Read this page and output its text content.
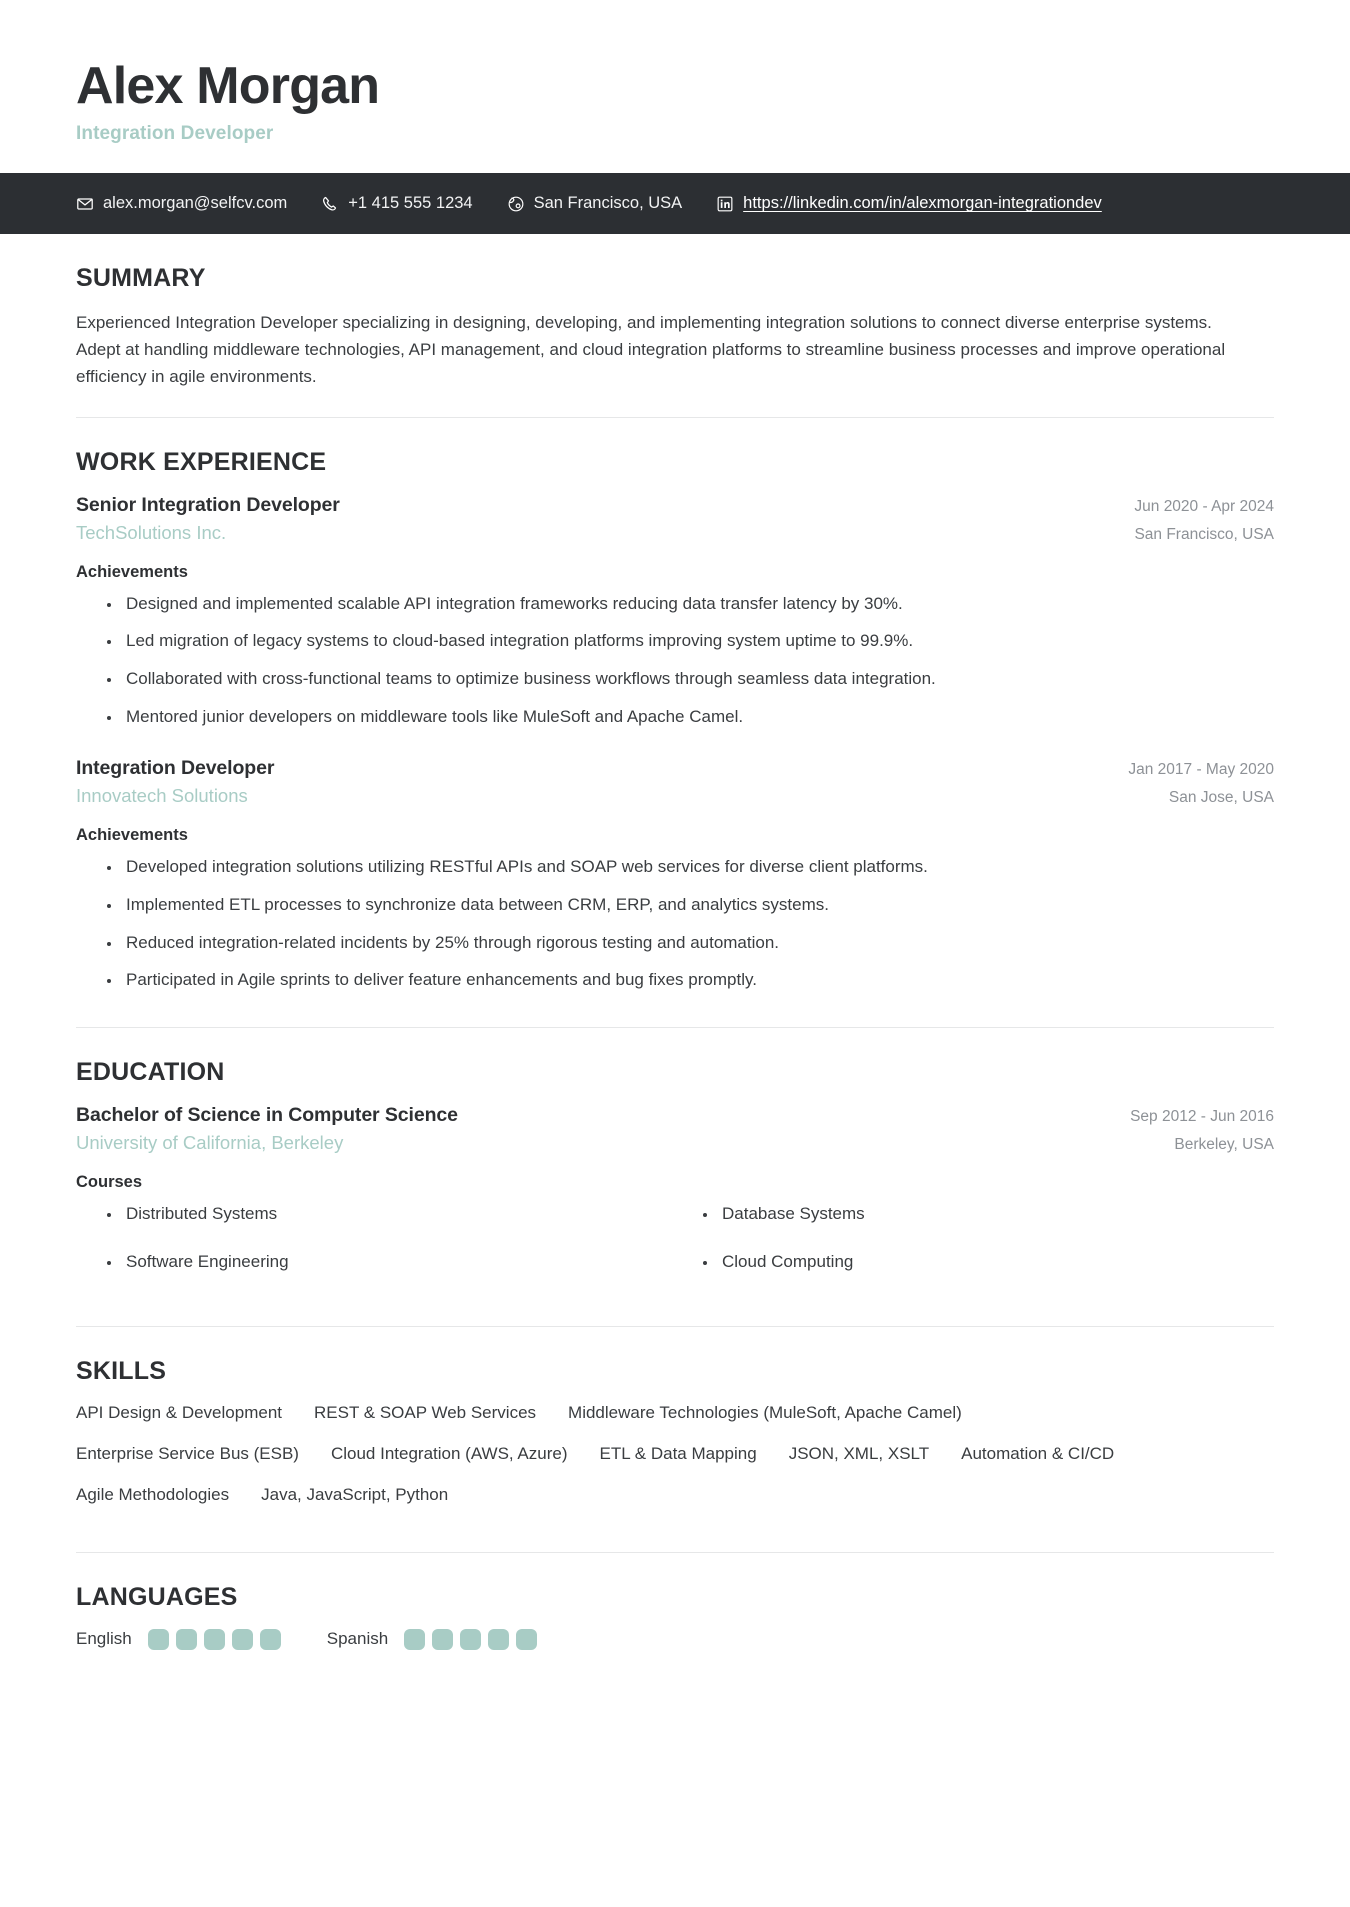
Alex Morgan
Integration Developer
alex.morgan@selfcv.com	+1 415 555 1234	San Francisco, USA	https://linkedin.com/in/alexmorgan-integrationdev
SUMMARY

Experienced Integration Developer specializing in designing, developing, and implementing integration solutions to connect diverse enterprise systems. Adept at handling middleware technologies, API management, and cloud integration platforms to streamline business processes and improve operational efficiency in agile environments.

WORK EXPERIENCE
Senior Integration Developer	Jun 2020 - Apr 2024
TechSolutions Inc.	San Francisco, USA
Achievements
• Designed and implemented scalable API integration frameworks reducing data transfer latency by 30%.
• Led migration of legacy systems to cloud-based integration platforms improving system uptime to 99.9%.
• Collaborated with cross-functional teams to optimize business workflows through seamless data integration.
• Mentored junior developers on middleware tools like MuleSoft and Apache Camel.
Integration Developer	Jan 2017 - May 2020
Innovatech Solutions	San Jose, USA
Achievements
• Developed integration solutions utilizing RESTful APIs and SOAP web services for diverse client platforms.
• Implemented ETL processes to synchronize data between CRM, ERP, and analytics systems.
• Reduced integration-related incidents by 25% through rigorous testing and automation.
• Participated in Agile sprints to deliver feature enhancements and bug fixes promptly.
EDUCATION
Bachelor of Science in Computer Science	Sep 2012 - Jun 2016
University of California, Berkeley	Berkeley, USA
Courses
• Distributed Systems	• Database Systems
• Software Engineering	• Cloud Computing
SKILLS
API Design & Development REST & SOAP Web Services Middleware Technologies (MuleSoft, Apache Camel)
Enterprise Service Bus (ESB) Cloud Integration (AWS, Azure) ETL & Data Mapping JSON, XML, XSLT Automation & CI/CD
Agile Methodologies Java, JavaScript, Python
LANGUAGES
English	Spanish
